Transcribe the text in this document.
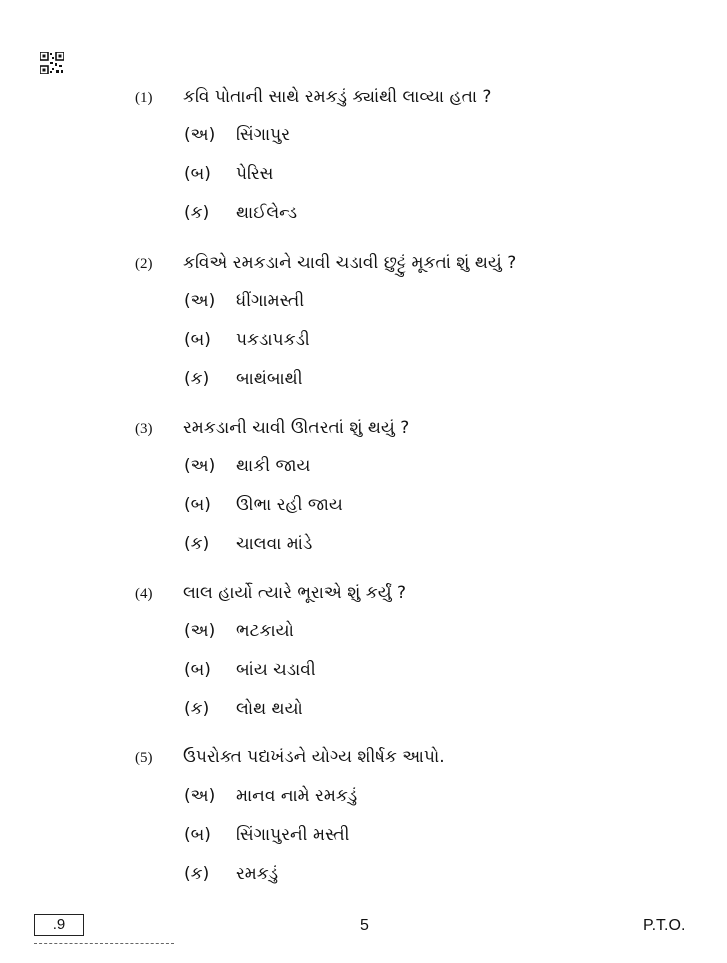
(1) કવિ પોતાની સાથે રમકડું ક્યાંથી લાવ્યા હતા ?
(અ) સિંગાપુર
(બ) પેરિસ
(ક) થાઈલેન્ડ
(2) કવિએ રમકડાને ચાવી ચડાવી છુટ્ટું મૂકતાં શું થયું ?
(અ) ધીંગામસ્તી
(બ) પકડાપકડી
(ક) બાથંબાથી
(3) રમકડાની ચાવી ઊતરતાં શું થયું ?
(અ) થાકી જાય
(બ) ઊભા રહી જાય
(ક) ચાલવા માંડે
(4) લાલ હાર્યો ત્યારે ભૂરાએ શું કર્યું ?
(અ) ભટકાયો
(બ) બાંય ચડાવી
(ક) લોથ થયો
(5) ઉપરોક્ત પદ્યખંડને યોગ્ય શીર્ષક આપો.
(અ) માનવ નામે રમકડું
(બ) સિંગાપુરની મસ્તી
(ક) રમકડું
.9	5	P.T.O.
